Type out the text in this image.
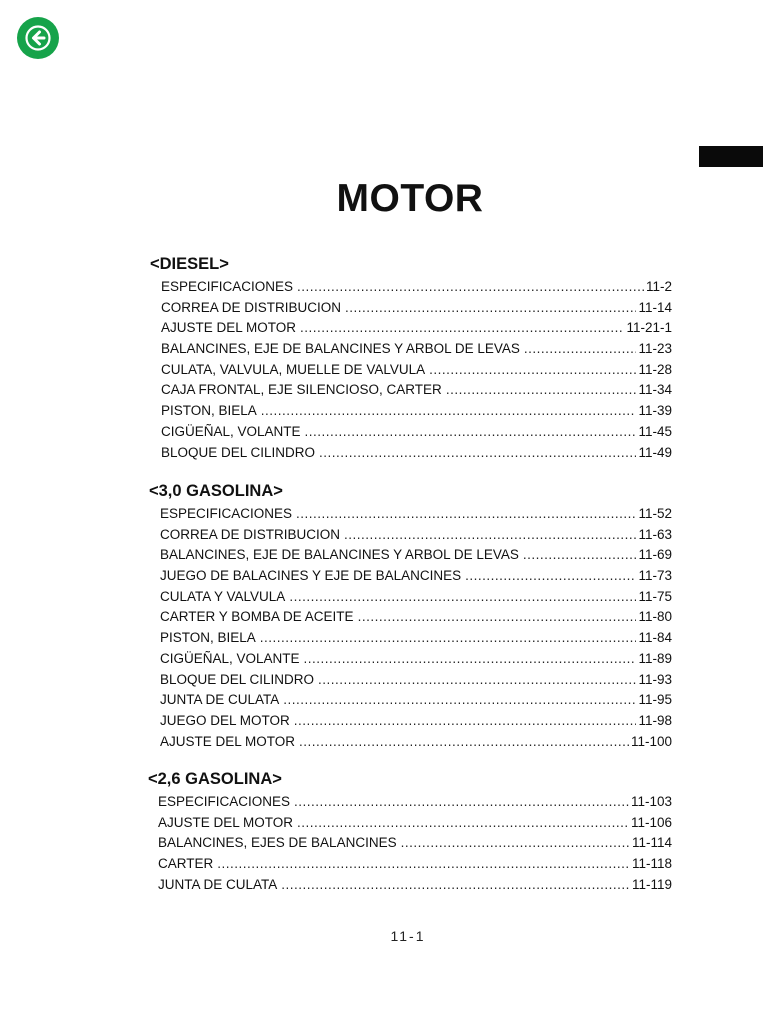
MOTOR
<DIESEL>
ESPECIFICACIONES .....	11-2
CORREA DE DISTRIBUCION .....	11-14
AJUSTE DEL MOTOR .....	11-21-1
BALANCINES, EJE DE BALANCINES Y ARBOL DE LEVAS .....	11-23
CULATA, VALVULA, MUELLE DE VALVULA .....	11-28
CAJA FRONTAL, EJE SILENCIOSO, CARTER .....	11-34
PISTON, BIELA .....	11-39
CIGÜEÑAL, VOLANTE .....	11-45
BLOQUE DEL CILINDRO .....	11-49
<3,0 GASOLINA>
ESPECIFICACIONES .....	11-52
CORREA DE DISTRIBUCION .....	11-63
BALANCINES, EJE DE BALANCINES Y ARBOL DE LEVAS .....	11-69
JUEGO DE BALACINES Y EJE DE BALANCINES .....	11-73
CULATA Y VALVULA .....	11-75
CARTER Y BOMBA DE ACEITE .....	11-80
PISTON, BIELA .....	11-84
CIGÜEÑAL, VOLANTE .....	11-89
BLOQUE DEL CILINDRO .....	11-93
JUNTA DE CULATA .....	11-95
JUEGO DEL MOTOR .....	11-98
AJUSTE DEL MOTOR .....	11-100
<2,6 GASOLINA>
ESPECIFICACIONES .....	11-103
AJUSTE DEL MOTOR .....	11-106
BALANCINES, EJES DE BALANCINES .....	11-114
CARTER .....	11-118
JUNTA DE CULATA .....	11-119
11-1
